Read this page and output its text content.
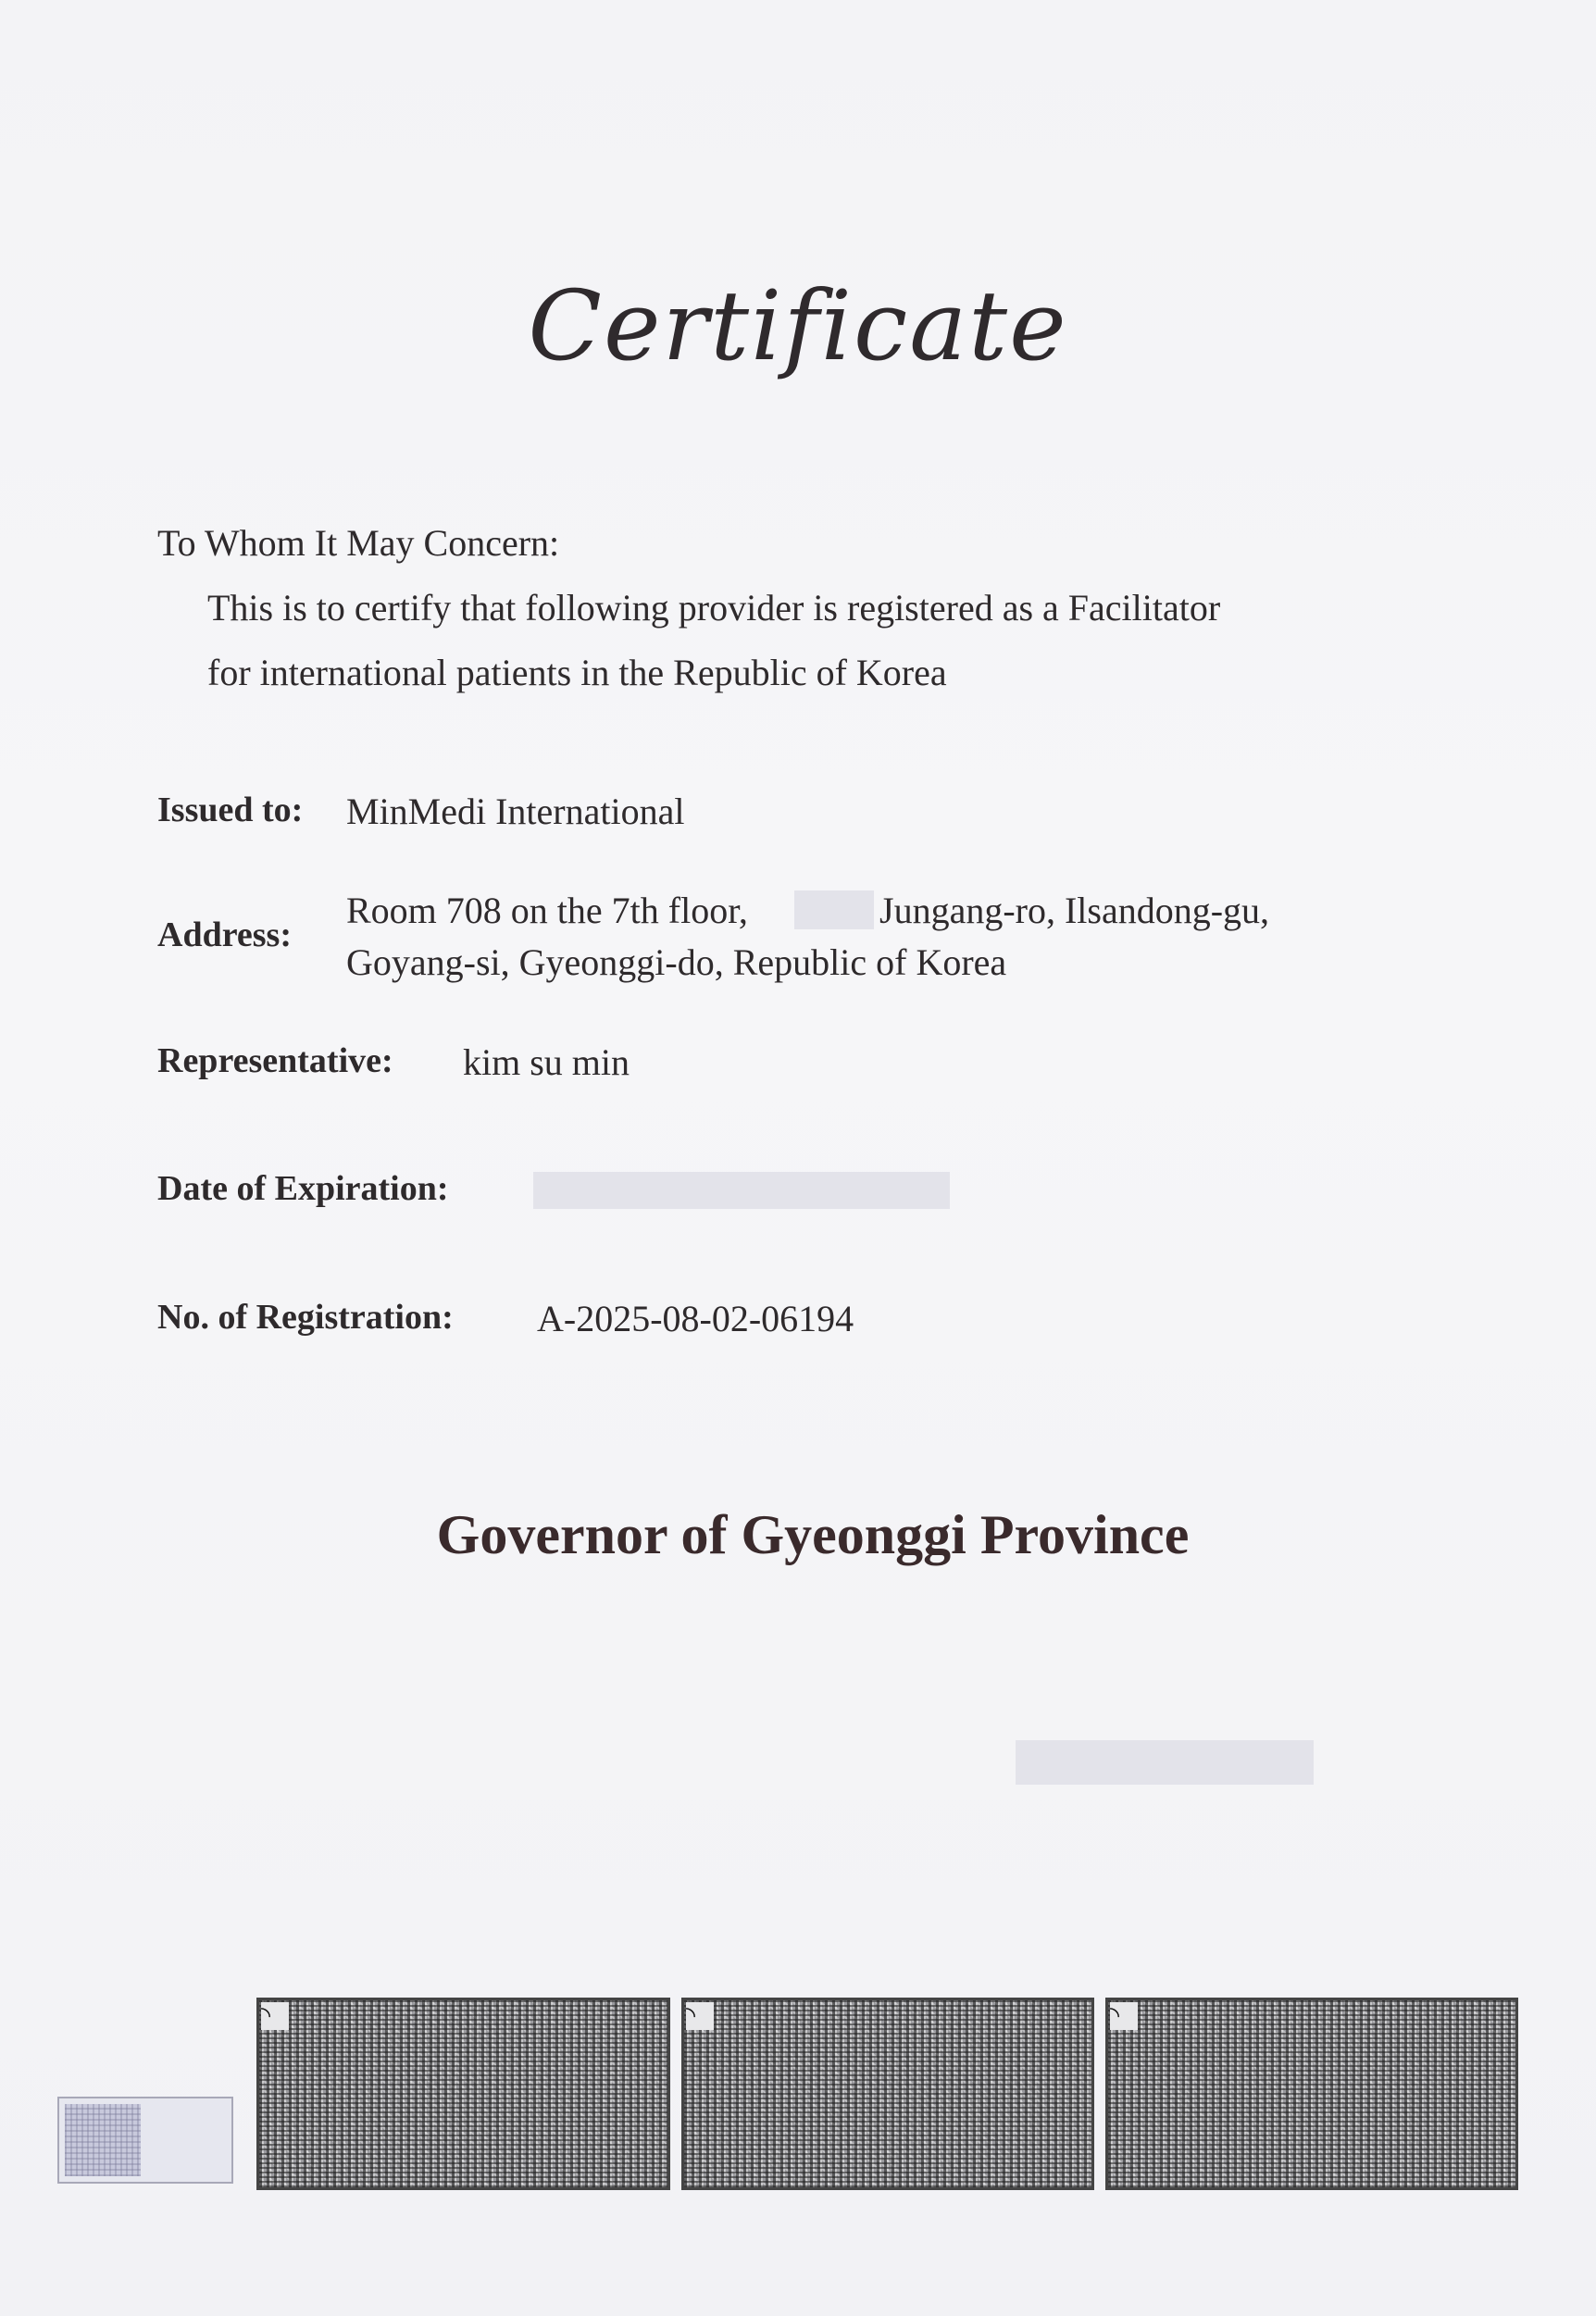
Certificate
To Whom It May Concern:
This is to certify that following provider is registered as a Facilitator
for international patients in the Republic of Korea
Issued to: MinMedi International
Address:
Room 708 on the 7th floor,	Jungang-ro, Ilsandong-gu,
Goyang-si, Gyeonggi-do, Republic of Korea
Representative: kim su min
Date of Expiration:
No. of Registration: A-2025-08-02-06194
Governor of Gyeonggi Province
◝	◝	◝
